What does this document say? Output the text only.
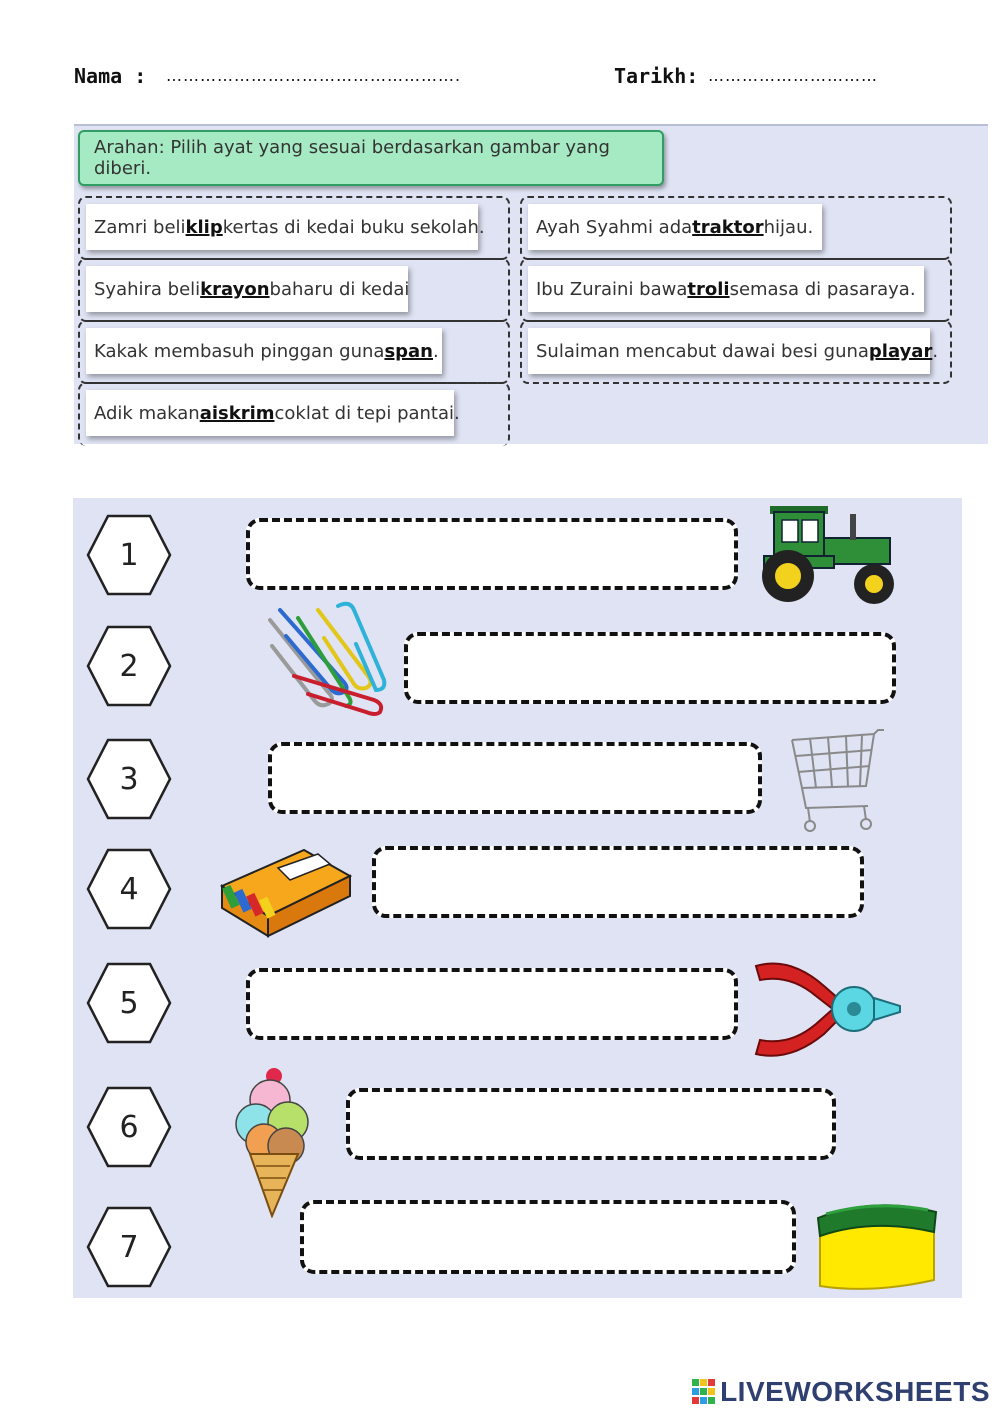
Nama : …………………………………………….	Tarikh: …………………………
Arahan: Pilih ayat yang sesuai berdasarkan gambar yang diberi.
Zamri beli klip kertas di kedai buku sekolah.	Ayah Syahmi ada traktor hijau.
Syahira beli krayon baharu di kedai	Ibu Zuraini bawa troli semasa di pasaraya.
Kakak membasuh pinggan guna span .	Sulaiman mencabut dawai besi guna playar .
Adik makan aiskrim coklat di tepi pantai.
1
2
3
4
5
6
7
LIVEWORKSHEETS
